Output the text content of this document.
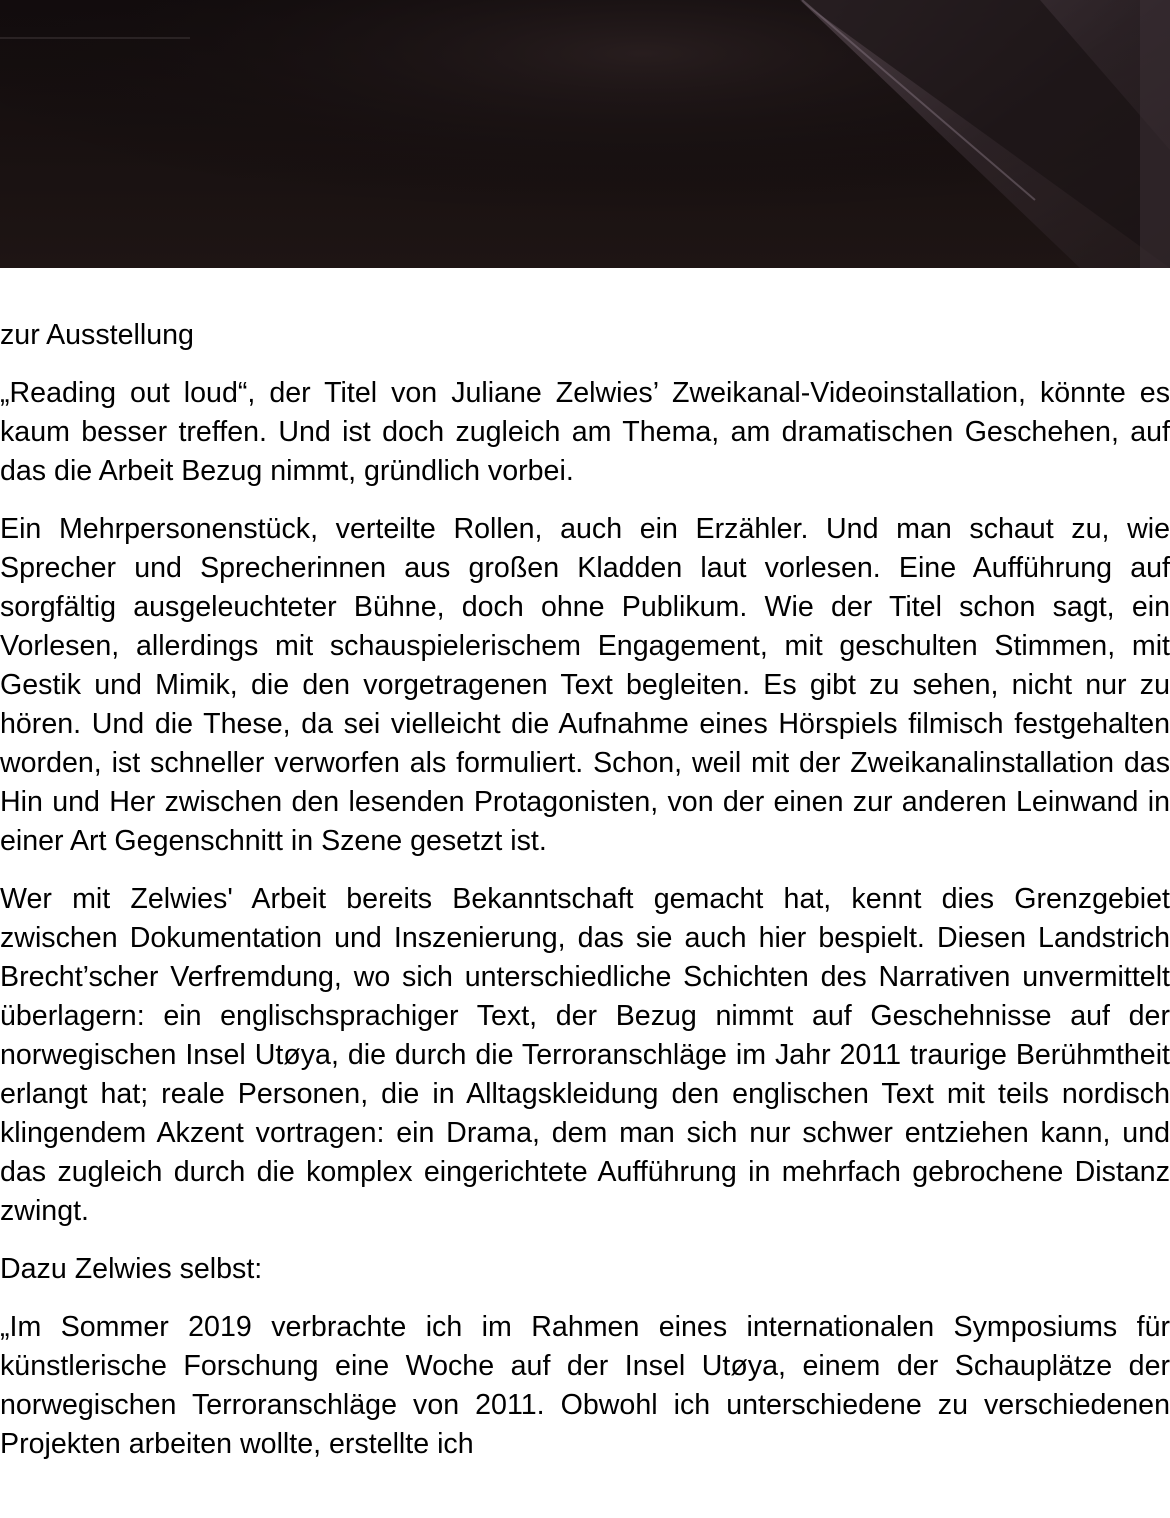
zur Ausstellung

„Reading out loud“, der Titel von Juliane Zelwies’ Zweikanal-Videoinstallation, könnte es kaum besser treffen. Und ist doch zugleich am Thema, am dramatischen Geschehen, auf das die Arbeit Bezug nimmt, gründlich vorbei.

Ein Mehrpersonenstück, verteilte Rollen, auch ein Erzähler. Und man schaut zu, wie Sprecher und Sprecherinnen aus großen Kladden laut vorlesen. Eine Aufführung auf sorgfältig ausgeleuchteter Bühne, doch ohne Publikum. Wie der Titel schon sagt, ein Vorlesen, allerdings mit schauspielerischem Engagement, mit geschulten Stimmen, mit Gestik und Mimik, die den vorgetragenen Text begleiten. Es gibt zu sehen, nicht nur zu hören. Und die These, da sei vielleicht die Aufnahme eines Hörspiels filmisch festgehalten worden, ist schneller verworfen als formuliert. Schon, weil mit der Zweikanalinstallation das Hin und Her zwischen den lesenden Protagonisten, von der einen zur anderen Leinwand in einer Art Gegenschnitt in Szene gesetzt ist.

Wer mit Zelwies' Arbeit bereits Bekanntschaft gemacht hat, kennt dies Grenzgebiet zwischen Dokumentation und Inszenierung, das sie auch hier bespielt. Diesen Landstrich Brecht’scher Verfremdung, wo sich unterschiedliche Schichten des Narrativen unvermittelt überlagern: ein englischsprachiger Text, der Bezug nimmt auf Geschehnisse auf der norwegischen Insel Utøya, die durch die Terroranschläge im Jahr 2011 traurige Berühmtheit erlangt hat; reale Personen, die in Alltagskleidung den englischen Text mit teils nordisch klingendem Akzent vortragen: ein Drama, dem man sich nur schwer entziehen kann, und das zugleich durch die komplex eingerichtete Aufführung in mehrfach gebrochene Distanz zwingt.

Dazu Zelwies selbst:

„Im Sommer 2019 verbrachte ich im Rahmen eines internationalen Symposiums für künstlerische Forschung eine Woche auf der Insel Utøya, einem der Schauplätze der norwegischen Terroranschläge von 2011. Obwohl ich unterschiedene zu verschiedenen Projekten arbeiten wollte, erstellte ich
